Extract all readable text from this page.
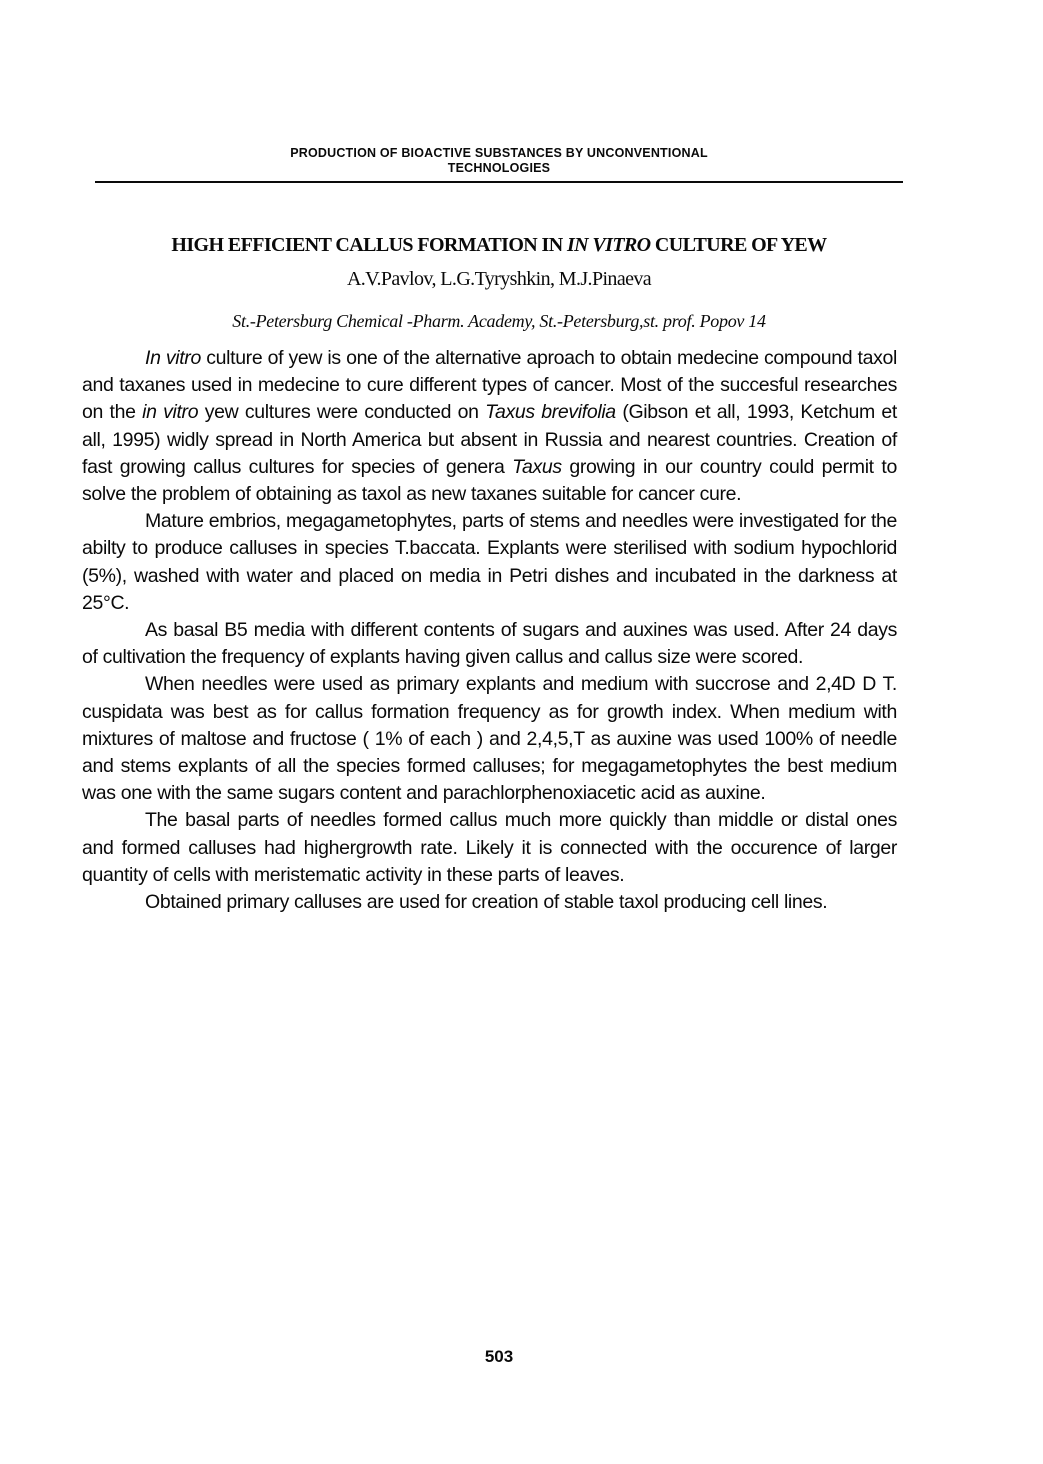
PRODUCTION OF BIOACTIVE SUBSTANCES BY UNCONVENTIONAL
TECHNOLOGIES
HIGH EFFICIENT CALLUS FORMATION IN IN VITRO CULTURE OF YEW
A.V.Pavlov, L.G.Tyryshkin, M.J.Pinaeva
St.-Petersburg Chemical -Pharm. Academy, St.-Petersburg,st. prof. Popov 14

In vitro culture of yew is one of the alternative aproach to obtain medecine compound taxol and taxanes used in medecine to cure different types of cancer. Most of the succesful researches on the in vitro yew cultures were conducted on Taxus brevifolia (Gibson et all, 1993, Ketchum et all, 1995) widly spread in North America but absent in Russia and nearest countries. Creation of fast growing callus cultures for species of genera Taxus growing in our country could permit to solve the problem of obtaining as taxol as new taxanes suitable for cancer cure.

Mature embrios, megagametophytes, parts of stems and needles were investigated for the abilty to produce calluses in species T.baccata. Explants were sterilised with sodium hypochlorid (5%), washed with water and placed on media in Petri dishes and incubated in the darkness at 25°C.

As basal B5 media with different contents of sugars and auxines was used. After 24 days of cultivation the frequency of explants having given callus and callus size were scored.

When needles were used as primary explants and medium with succrose and 2,4D D T. cuspidata was best as for callus formation frequency as for growth index. When medium with mixtures of maltose and fructose ( 1% of each ) and 2,4,5,T as auxine was used 100% of needle and stems explants of all the species formed calluses; for megagametophytes the best medium was one with the same sugars content and parachlorphenoxiacetic acid as auxine.

The basal parts of needles formed callus much more quickly than middle or distal ones and formed calluses had highergrowth rate. Likely it is connected with the occurence of larger quantity of cells with meristematic activity in these parts of leaves.

Obtained primary calluses are used for creation of stable taxol producing cell lines.

503
